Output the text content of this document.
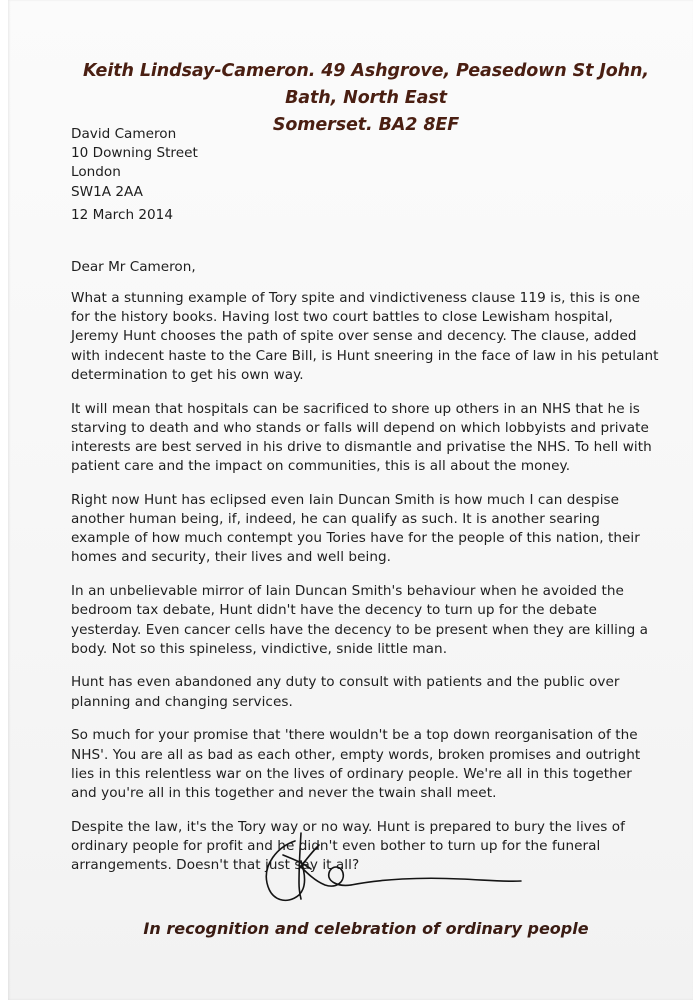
Keith Lindsay-Cameron. 49 Ashgrove, Peasedown St John, Bath, North East
Somerset. BA2 8EF
David Cameron
10 Downing Street
London
SW1A 2AA
12 March 2014
Dear Mr Cameron,

What a stunning example of Tory spite and vindictiveness clause 119 is, this is one for the history books. Having lost two court battles to close Lewisham hospital, Jeremy Hunt chooses the path of spite over sense and decency. The clause, added with indecent haste to the Care Bill, is Hunt sneering in the face of law in his petulant determination to get his own way.

It will mean that hospitals can be sacrificed to shore up others in an NHS that he is starving to death and who stands or falls will depend on which lobbyists and private interests are best served in his drive to dismantle and privatise the NHS. To hell with patient care and the impact on communities, this is all about the money.

Right now Hunt has eclipsed even Iain Duncan Smith is how much I can despise another human being, if, indeed, he can qualify as such. It is another searing example of how much contempt you Tories have for the people of this nation, their homes and security, their lives and well being.

In an unbelievable mirror of Iain Duncan Smith's behaviour when he avoided the bedroom tax debate, Hunt didn't have the decency to turn up for the debate yesterday. Even cancer cells have the decency to be present when they are killing a body. Not so this spineless, vindictive, snide little man.

Hunt has even abandoned any duty to consult with patients and the public over planning and changing services.

So much for your promise that 'there wouldn't be a top down reorganisation of the NHS'. You are all as bad as each other, empty words, broken promises and outright lies in this relentless war on the lives of ordinary people. We're all in this together and you're all in this together and never the twain shall meet.

Despite the law, it's the Tory way or no way. Hunt is prepared to bury the lives of ordinary people for profit and he didn't even bother to turn up for the funeral arrangements. Doesn't that just say it all?

In recognition and celebration of ordinary people
